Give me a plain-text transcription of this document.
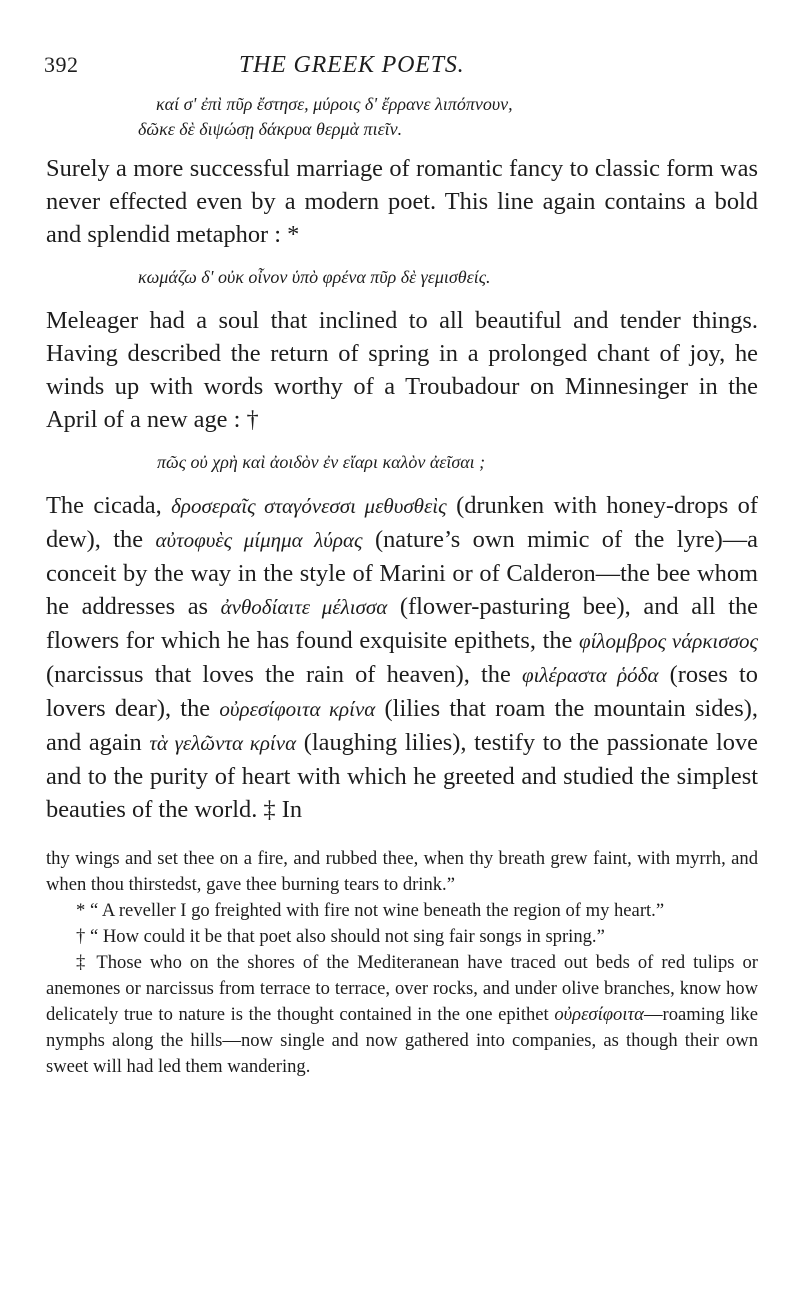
392	THE GREEK POETS.

καί σ' ἐπὶ πῦρ ἔστησε, μύροις δ' ἔρρανε λιπόπνουν,

δῶκε δὲ διψώσῃ δάκρυα θερμὰ πιεῖν.

Surely a more successful marriage of romantic fancy to classic form was never effected even by a modern poet. This line again contains a bold and splendid metaphor : *

κωμάζω δ' οὐκ οἶνον ὑπὸ φρένα πῦρ δὲ γεμισθείς.

Meleager had a soul that inclined to all beautiful and tender things. Having described the return of spring in a prolonged chant of joy, he winds up with words worthy of a Troubadour on Minnesinger in the April of a new age : †

πῶς οὐ χρὴ καὶ ἀοιδὸν ἐν εἴαρι καλὸν ἀεῖσαι ;

The cicada, δροσεραῖς σταγόνεσσι μεθυσθεὶς (drunken with honey-drops of dew), the αὐτοφυὲς μίμημα λύρας (nature’s own mimic of the lyre)—a conceit by the way in the style of Marini or of Calderon—the bee whom he addresses as ἀνθοδίαιτε μέλισσα (flower-pasturing bee), and all the flowers for which he has found exquisite epithets, the φίλομβρος νάρκισσος (narcissus that loves the rain of heaven), the φιλέραστα ῥόδα (roses to lovers dear), the οὐρεσίφοιτα κρίνα (lilies that roam the mountain sides), and again τὰ γελῶντα κρίνα (laughing lilies), testify to the passionate love and to the purity of heart with which he greeted and studied the simplest beauties of the world. ‡ In

thy wings and set thee on a fire, and rubbed thee, when thy breath grew faint, with myrrh, and when thou thirstedst, gave thee burning tears to drink.”

* “ A reveller I go freighted with fire not wine beneath the region of my heart.”

† “ How could it be that poet also should not sing fair songs in spring.”

‡ Those who on the shores of the Mediteranean have traced out beds of red tulips or anemones or narcissus from terrace to terrace, over rocks, and under olive branches, know how delicately true to nature is the thought contained in the one epithet οὐρεσίφοιτα—roaming like nymphs along the hills—now single and now gathered into companies, as though their own sweet will had led them wandering.
